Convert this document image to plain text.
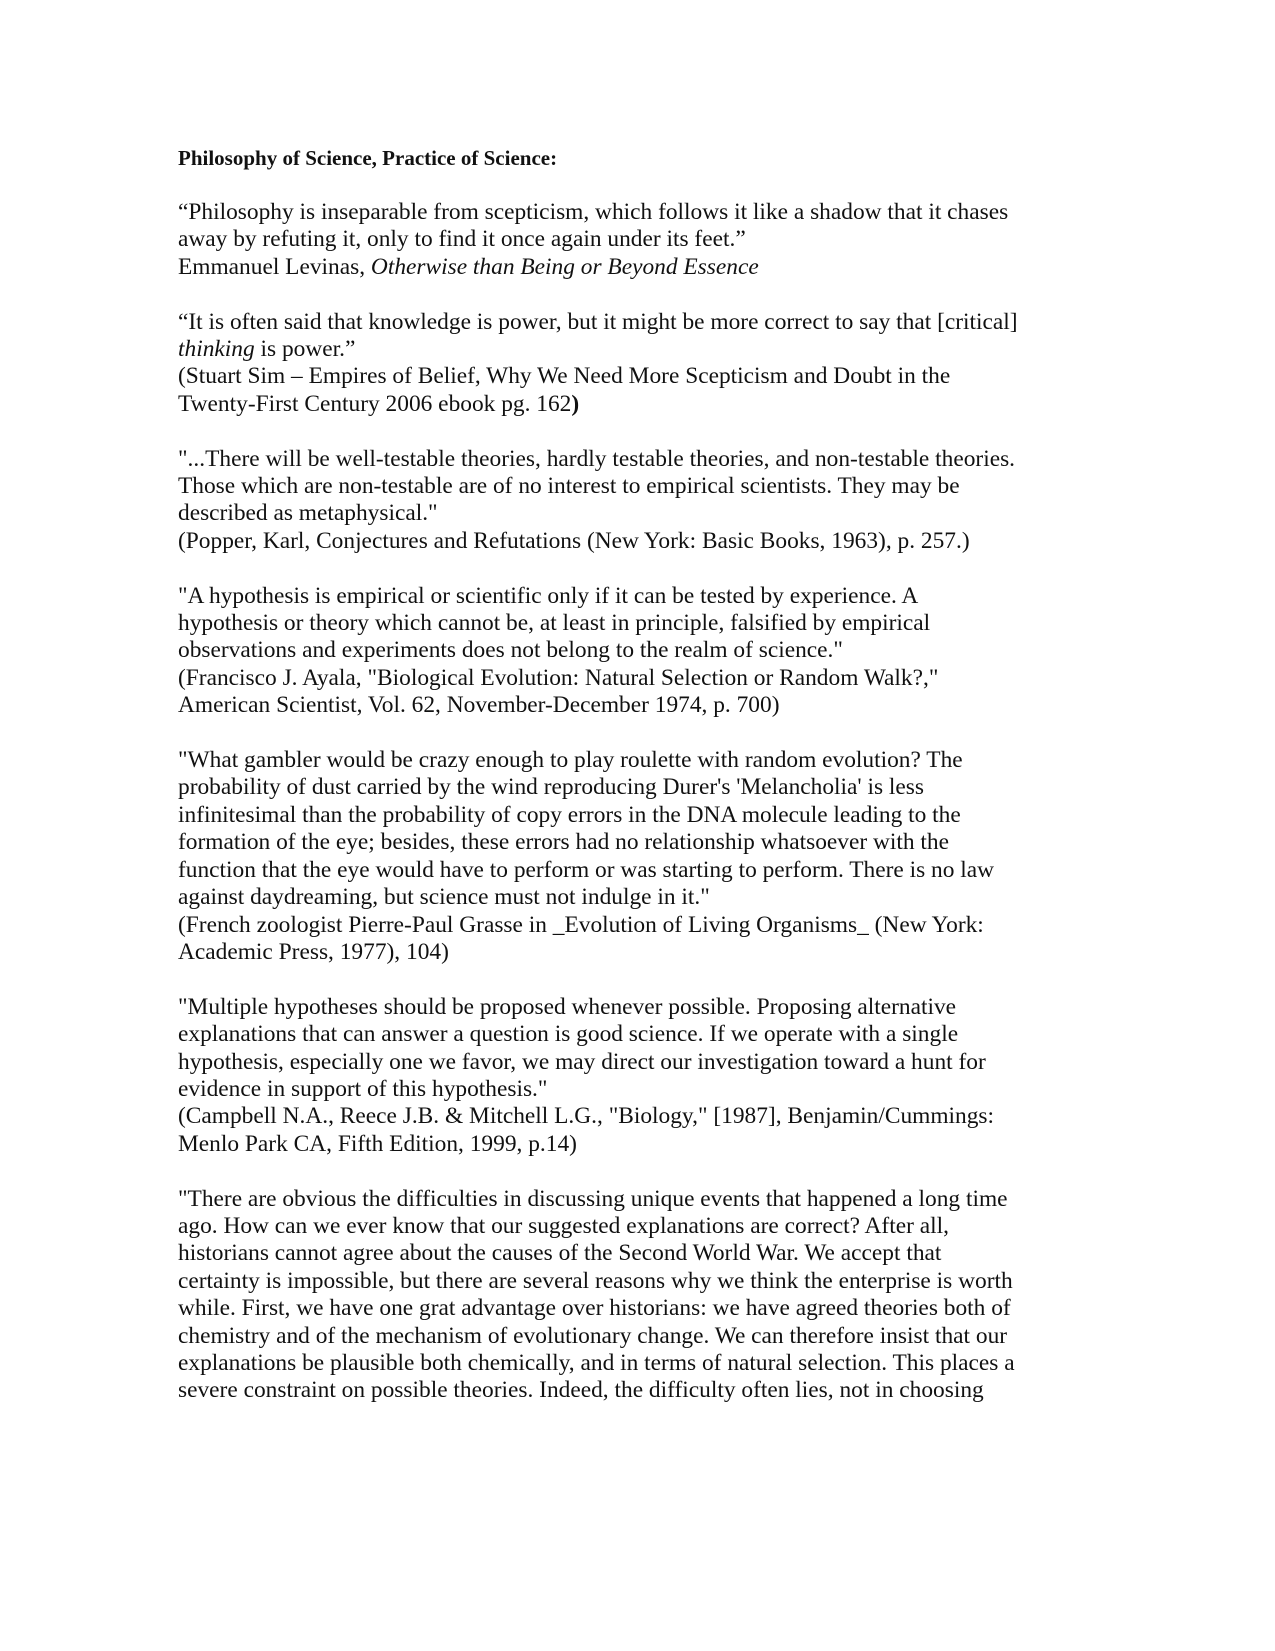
Philosophy of Science, Practice of Science:
“Philosophy is inseparable from scepticism, which follows it like a shadow that it chases
away by refuting it, only to find it once again under its feet.”
Emmanuel Levinas, Otherwise than Being or Beyond Essence
“It is often said that knowledge is power, but it might be more correct to say that [critical]
thinking is power.”
(Stuart Sim – Empires of Belief, Why We Need More Scepticism and Doubt in the
Twenty-First Century 2006 ebook pg. 162)
"...There will be well-testable theories, hardly testable theories, and non-testable theories.
Those which are non-testable are of no interest to empirical scientists. They may be
described as metaphysical."
(Popper, Karl, Conjectures and Refutations (New York: Basic Books, 1963), p. 257.)
"A hypothesis is empirical or scientific only if it can be tested by experience. A
hypothesis or theory which cannot be, at least in principle, falsified by empirical
observations and experiments does not belong to the realm of science."
(Francisco J. Ayala, "Biological Evolution: Natural Selection or Random Walk?,"
American Scientist, Vol. 62, November-December 1974, p. 700)
"What gambler would be crazy enough to play roulette with random evolution? The
probability of dust carried by the wind reproducing Durer's 'Melancholia' is less
infinitesimal than the probability of copy errors in the DNA molecule leading to the
formation of the eye; besides, these errors had no relationship whatsoever with the
function that the eye would have to perform or was starting to perform. There is no law
against daydreaming, but science must not indulge in it."
(French zoologist Pierre-Paul Grasse in _Evolution of Living Organisms_ (New York:
Academic Press, 1977), 104)
"Multiple hypotheses should be proposed whenever possible. Proposing alternative
explanations that can answer a question is good science. If we operate with a single
hypothesis, especially one we favor, we may direct our investigation toward a hunt for
evidence in support of this hypothesis."
(Campbell N.A., Reece J.B. & Mitchell L.G., "Biology," [1987], Benjamin/Cummings:
Menlo Park CA, Fifth Edition, 1999, p.14)
"There are obvious the difficulties in discussing unique events that happened a long time
ago. How can we ever know that our suggested explanations are correct? After all,
historians cannot agree about the causes of the Second World War. We accept that
certainty is impossible, but there are several reasons why we think the enterprise is worth
while. First, we have one grat advantage over historians: we have agreed theories both of
chemistry and of the mechanism of evolutionary change. We can therefore insist that our
explanations be plausible both chemically, and in terms of natural selection. This places a
severe constraint on possible theories. Indeed, the difficulty often lies, not in choosing
